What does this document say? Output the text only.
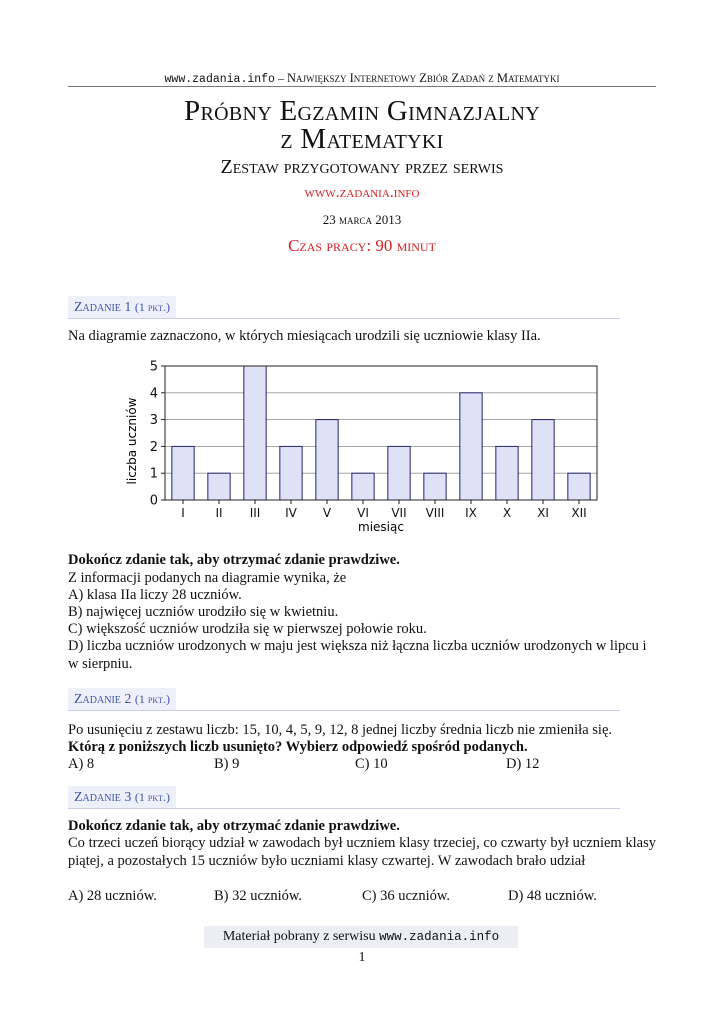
www.zadania.info – Największy Internetowy Zbiór Zadań z Matematyki
Próbny Egzamin Gimnazjalny
z Matematyki
Zestaw przygotowany przez serwis
www.zadania.info
23 marca 2013
Czas pracy: 90 minut
Zadanie 1 (1 pkt.)
Na diagramie zaznaczono, w których miesiącach urodzili się uczniowie klasy IIa.
0
1
2
3
4
5
I	II III IV V VI VII VIII IX X XI XII
miesiąc
liczba uczniów
Dokończ zdanie tak, aby otrzymać zdanie prawdziwe.
Z informacji podanych na diagramie wynika, że
A) klasa IIa liczy 28 uczniów.
B) najwięcej uczniów urodziło się w kwietniu.
C) większość uczniów urodziła się w pierwszej połowie roku.
D) liczba uczniów urodzonych w maju jest większa niż łączna liczba uczniów urodzonych w lipcu i w sierpniu.
Zadanie 2 (1 pkt.)
Po usunięciu z zestawu liczb: 15, 10, 4, 5, 9, 12, 8 jednej liczby średnia liczb nie zmieniła się.
Którą z poniższych liczb usunięto? Wybierz odpowiedź spośród podanych.
A) 8	B) 9	C) 10	D) 12
Zadanie 3 (1 pkt.)
Dokończ zdanie tak, aby otrzymać zdanie prawdziwe.
Co trzeci uczeń biorący udział w zawodach był uczniem klasy trzeciej, co czwarty był uczniem klasy piątej, a pozostałych 15 uczniów było uczniami klasy czwartej. W zawodach brało udział
A) 28 uczniów.	B) 32 uczniów.	C) 36 uczniów.	D) 48 uczniów.
Materiał pobrany z serwisu www.zadania.info
1
